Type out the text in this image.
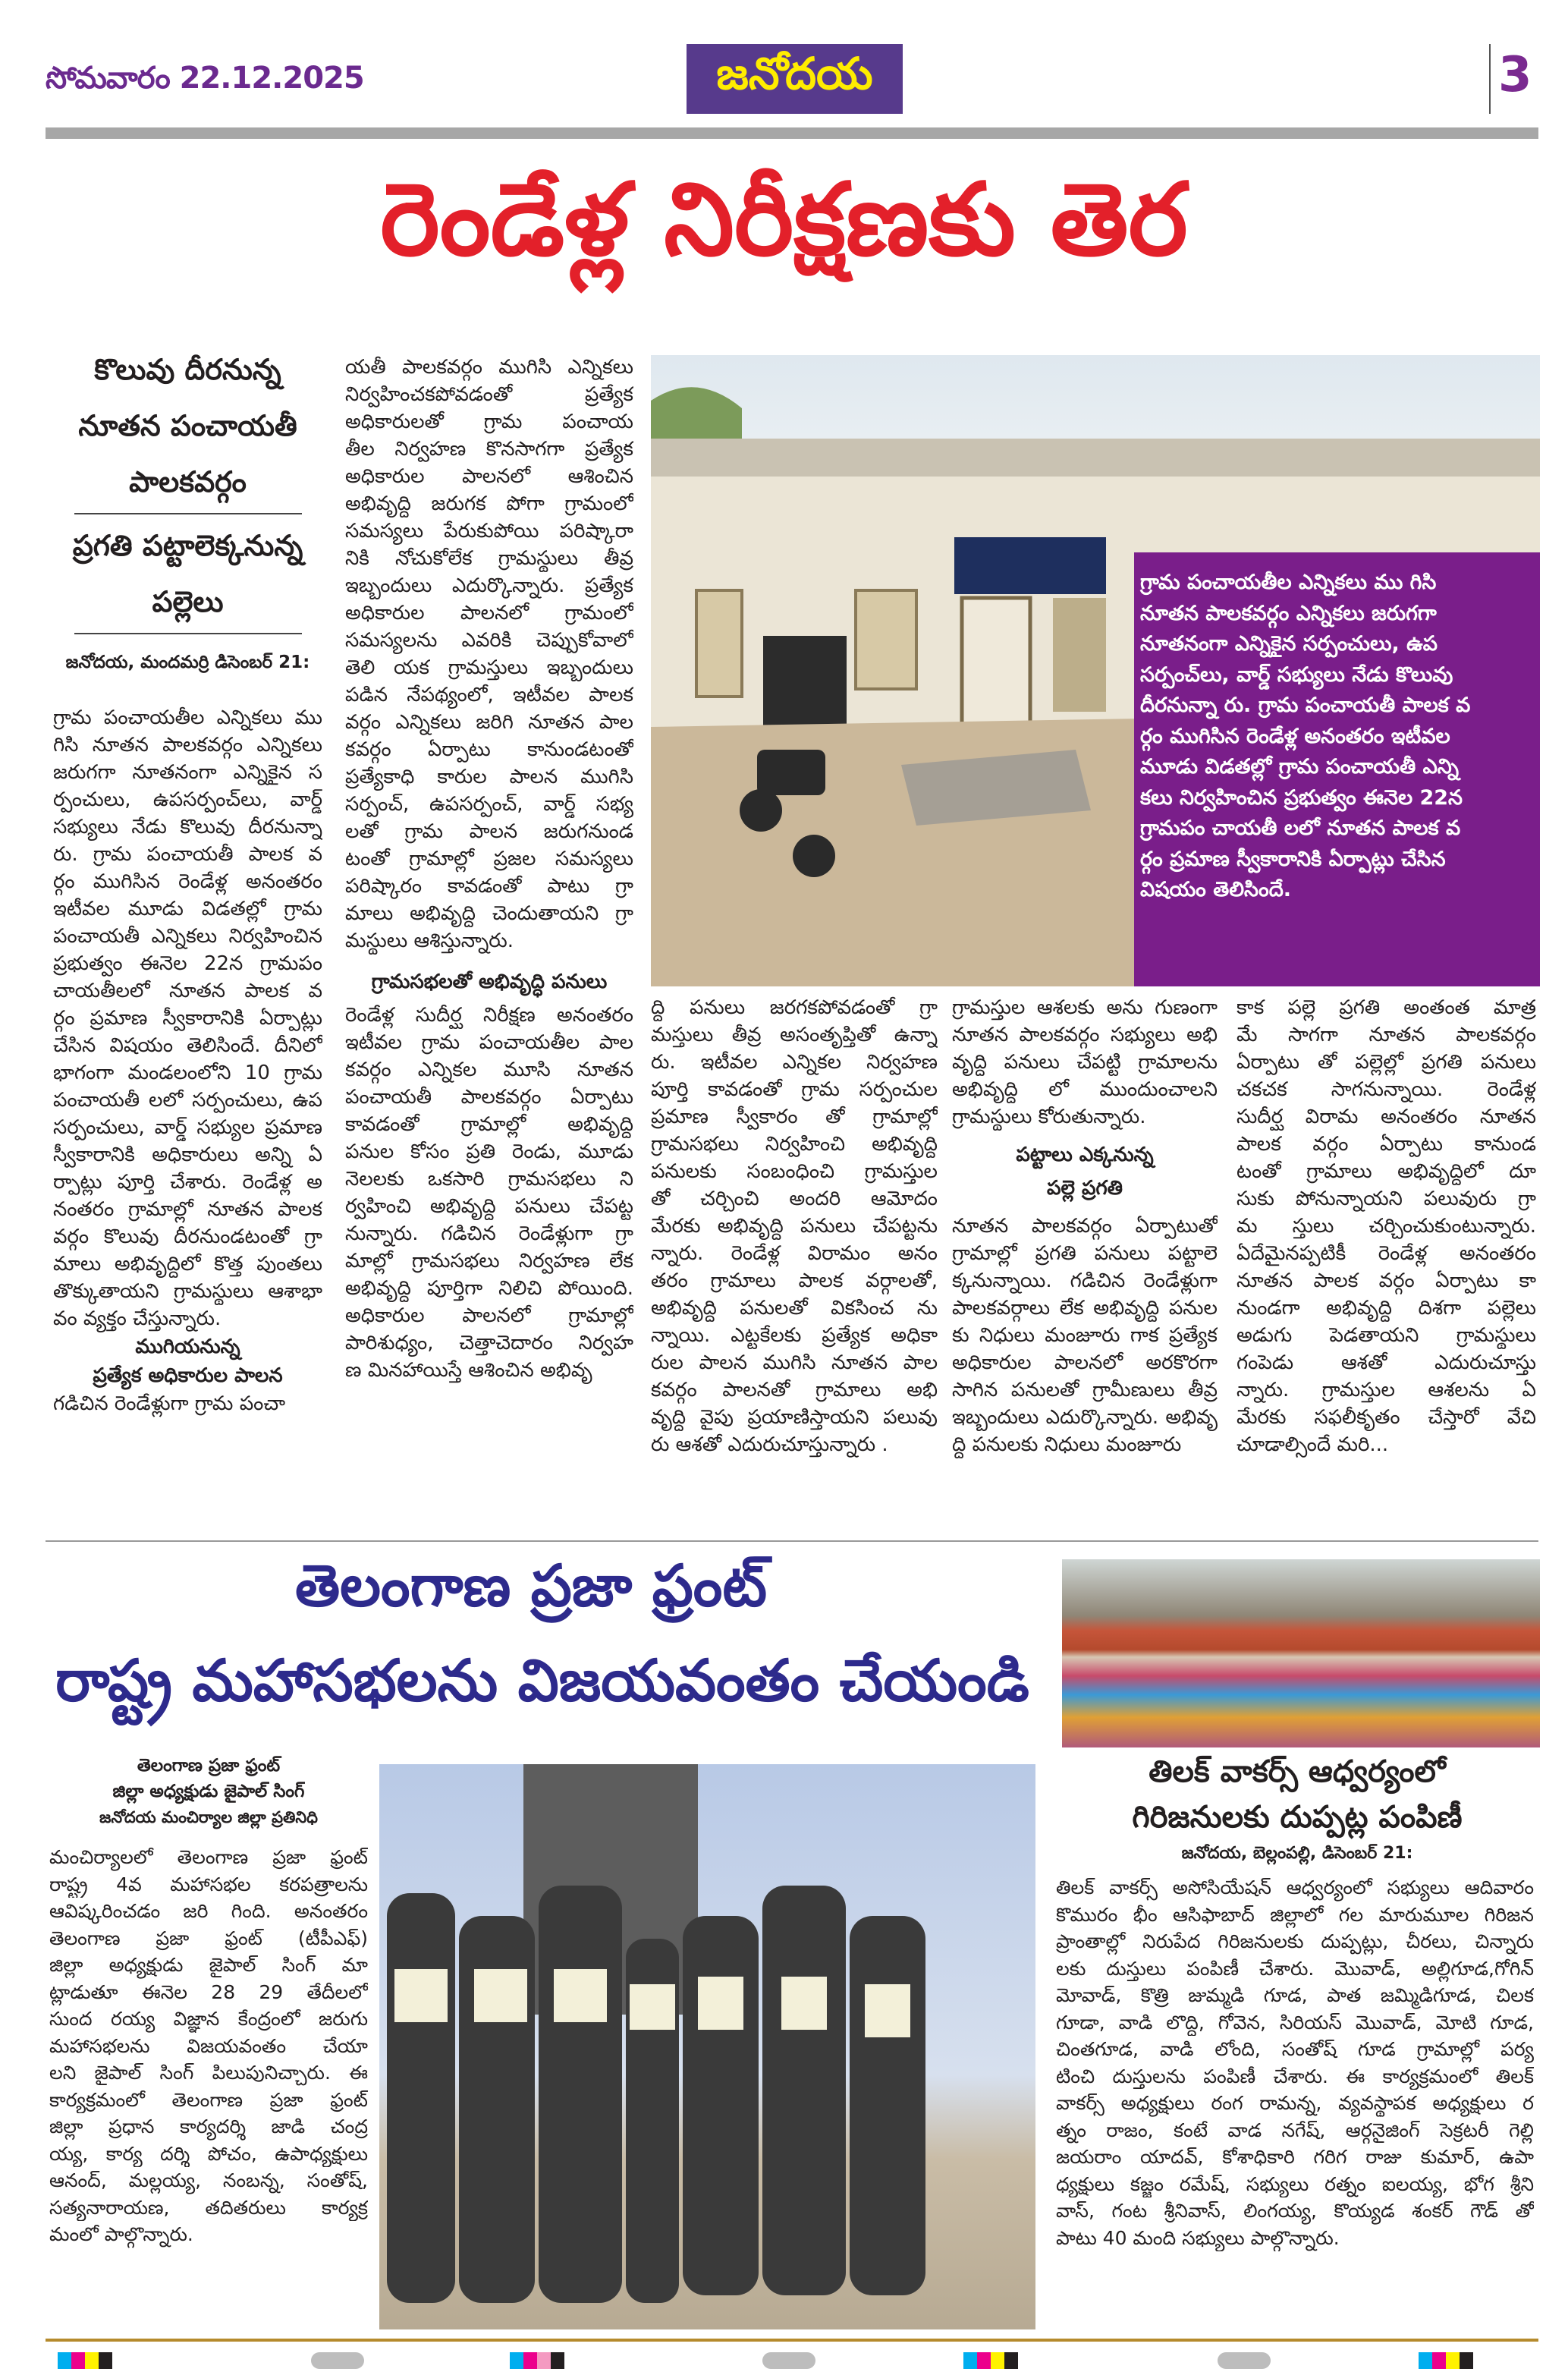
సోమవారం 22.12.2025	జనోదయ	3
రెండేళ్ల నిరీక్షణకు తెర
కొలువు దీరనున్న
నూతన పంచాయతీ
పాలకవర్గం
ప్రగతి పట్టాలెక్కనున్న
పల్లెలు
జనోదయ, మందమర్రి డిసెంబర్ 21:
గ్రామ పంచాయతీల ఎన్నికలు ము
గిసి నూతన పాలకవర్గం ఎన్నికలు
జరుగగా నూతనంగా ఎన్నికైన స
ర్పంచులు, ఉపసర్పంచ్‌లు, వార్డ్
సభ్యులు నేడు కొలువు దీరనున్నా
రు. గ్రామ పంచాయతీ పాలక వ
ర్గం ముగిసిన రెండేళ్ల అనంతరం
ఇటీవల మూడు విడతల్లో గ్రామ
పంచాయతీ ఎన్నికలు నిర్వహించిన
ప్రభుత్వం ఈనెల 22న గ్రామపం
చాయతీలలో నూతన పాలక వ
ర్గం ప్రమాణ స్వీకారానికి ఏర్పాట్లు
చేసిన విషయం తెలిసిందే. దీనిలో
భాగంగా మండలంలోని 10 గ్రామ
పంచాయతీ లలో సర్పంచులు, ఉప
సర్పంచులు, వార్డ్ సభ్యుల ప్రమాణ
స్వీకారానికి అధికారులు అన్ని ఏ
ర్పాట్లు పూర్తి చేశారు. రెండేళ్ల అ
నంతరం గ్రామాల్లో నూతన పాలక
వర్గం కొలువు దీరనుండటంతో గ్రా
మాలు అభివృద్ధిలో కొత్త పుంతలు
తొక్కుతాయని గ్రామస్థులు ఆశాభా
వం వ్యక్తం చేస్తున్నారు.
ముగియనున్న
ప్రత్యేక అధికారుల పాలన
గడిచిన రెండేళ్లుగా గ్రామ పంచా
యతీ పాలకవర్గం ముగిసి ఎన్నికలు
నిర్వహించకపోవడంతో ప్రత్యేక
అధికారులతో గ్రామ పంచాయ
తీల నిర్వహణ కొనసాగగా ప్రత్యేక
అధికారుల పాలనలో ఆశించిన
అభివృద్ధి జరుగక పోగా గ్రామంలో
సమస్యలు పేరుకుపోయి పరిష్కారా
నికి నోచుకోలేక గ్రామస్థులు తీవ్ర
ఇబ్బందులు ఎదుర్కొన్నారు. ప్రత్యేక
అధికారుల పాలనలో గ్రామంలో
సమస్యలను ఎవరికి చెప్పుకోవాలో
తెలి యక గ్రామస్తులు ఇబ్బందులు
పడిన నేపథ్యంలో, ఇటీవల పాలక
వర్గం ఎన్నికలు జరిగి నూతన పాల
కవర్గం ఏర్పాటు కానుండటంతో
ప్రత్యేకాధి కారుల పాలన ముగిసి
సర్పంచ్, ఉపసర్పంచ్, వార్డ్ సభ్య
లతో గ్రామ పాలన జరుగనుండ
టంతో గ్రామాల్లో ప్రజల సమస్యలు
పరిష్కారం కావడంతో పాటు గ్రా
మాలు అభివృద్ధి చెందుతాయని గ్రా
మస్థులు ఆశిస్తున్నారు.
గ్రామసభలతో అభివృద్ధి పనులు
రెండేళ్ల సుదీర్ఘ నిరీక్షణ అనంతరం
ఇటీవల గ్రామ పంచాయతీల పాల
కవర్గం ఎన్నికల మూసి నూతన
పంచాయతీ పాలకవర్గం ఏర్పాటు
కావడంతో గ్రామాల్లో అభివృద్ధి
పనుల కోసం ప్రతి రెండు, మూడు
నెలలకు ఒకసారి గ్రామసభలు ని
ర్వహించి అభివృద్ధి పనులు చేపట్ట
నున్నారు. గడిచిన రెండేళ్లుగా గ్రా
మాల్లో గ్రామసభలు నిర్వహణ లేక
అభివృద్ధి పూర్తిగా నిలిచి పోయింది.
అధికారుల పాలనలో గ్రామాల్లో
పారిశుధ్యం, చెత్తాచెదారం నిర్వహ
ణ మినహాయిస్తే ఆశించిన అభివృ
గ్రామ పంచాయతీల ఎన్నికలు ము గిసి
నూతన పాలకవర్గం ఎన్నికలు జరుగగా
నూతనంగా ఎన్నికైన సర్పంచులు, ఉప
సర్పంచ్‌లు, వార్డ్ సభ్యులు నేడు కొలువు
దీరనున్నా రు. గ్రామ పంచాయతీ పాలక వ
ర్గం ముగిసిన రెండేళ్ల అనంతరం ఇటీవల
మూడు విడతల్లో గ్రామ పంచాయతీ ఎన్ని
కలు నిర్వహించిన ప్రభుత్వం ఈనెల 22న
గ్రామపం చాయతీ లలో నూతన పాలక వ
ర్గం ప్రమాణ స్వీకారానికి ఏర్పాట్లు చేసిన
విషయం తెలిసిందే.
ద్ధి పనులు జరగకపోవడంతో గ్రా
మస్తులు తీవ్ర అసంతృప్తితో ఉన్నా
రు. ఇటీవల ఎన్నికల నిర్వహణ
పూర్తి కావడంతో గ్రామ సర్పంచుల
ప్రమాణ స్వీకారం తో గ్రామాల్లో
గ్రామసభలు నిర్వహించి అభివృద్ధి
పనులకు సంబంధించి గ్రామస్తుల
తో చర్చించి అందరి ఆమోదం
మేరకు అభివృద్ధి పనులు చేపట్టను
న్నారు. రెండేళ్ల విరామం అనం
తరం గ్రామాలు పాలక వర్గాలతో,
అభివృద్ధి పనులతో వికసించ ను
న్నాయి. ఎట్టకేలకు ప్రత్యేక అధికా
రుల పాలన ముగిసి నూతన పాల
కవర్గం పాలనతో గ్రామాలు అభి
వృద్ధి వైపు ప్రయాణిస్తాయని పలువు
రు ఆశతో ఎదురుచూస్తున్నారు .
గ్రామస్తుల ఆశలకు అను గుణంగా
నూతన పాలకవర్గం సభ్యులు అభి
వృద్ధి పనులు చేపట్టి గ్రామాలను
అభివృద్ధి లో ముందుంచాలని
గ్రామస్థులు కోరుతున్నారు.
పట్టాలు ఎక్కనున్న
పల్లె ప్రగతి
నూతన పాలకవర్గం ఏర్పాటుతో
గ్రామాల్లో ప్రగతి పనులు పట్టాలె
క్కనున్నాయి. గడిచిన రెండేళ్లుగా
పాలకవర్గాలు లేక అభివృద్ధి పనుల
కు నిధులు మంజూరు గాక ప్రత్యేక
అధికారుల పాలనలో అరకొరగా
సాగిన పనులతో గ్రామీణులు తీవ్ర
ఇబ్బందులు ఎదుర్కొన్నారు. అభివృ
ద్ధి పనులకు నిధులు మంజూరు
కాక పల్లె ప్రగతి అంతంత మాత్ర
మే సాగగా నూతన పాలకవర్గం
ఏర్పాటు తో పల్లెల్లో ప్రగతి పనులు
చకచక సాగనున్నాయి. రెండేళ్ల
సుదీర్ఘ విరామ అనంతరం నూతన
పాలక వర్గం ఏర్పాటు కానుండ
టంతో గ్రామాలు అభివృద్ధిలో దూ
సుకు పోనున్నాయని పలువురు గ్రా
మ స్తులు చర్చించుకుంటున్నారు.
ఏదేమైనప్పటికీ రెండేళ్ల అనంతరం
నూతన పాలక వర్గం ఏర్పాటు కా
నుండగా అభివృద్ధి దిశగా పల్లెలు
అడుగు పెడతాయని గ్రామస్థులు
గంపెడు ఆశతో ఎదురుచూస్తు
న్నారు. గ్రామస్తుల ఆశలను ఏ
మేరకు సఫలీకృతం చేస్తారో వేచి
చూడాల్సిందే మరి...
తెలంగాణ ప్రజా ఫ్రంట్
రాష్ట్ర మహాసభలను విజయవంతం చేయండి
తెలంగాణ ప్రజా ఫ్రంట్
జిల్లా అధ్యక్షుడు జైపాల్ సింగ్
జనోదయ మంచిర్యాల జిల్లా ప్రతినిధి
మంచిర్యాలలో తెలంగాణ ప్రజా ఫ్రంట్
రాష్ట్ర 4వ మహాసభల కరపత్రాలను
ఆవిష్కరించడం జరి గింది. అనంతరం
తెలంగాణ ప్రజా ఫ్రంట్ (టీపీఎఫ్)
జిల్లా అధ్యక్షుడు జైపాల్ సింగ్ మా
ట్లాడుతూ ఈనెల 28 29 తేదీలలో
సుంద రయ్య విజ్ఞాన కేంద్రంలో జరుగు
మహాసభలను విజయవంతం చేయా
లని జైపాల్ సింగ్ పిలుపునిచ్చారు. ఈ
కార్యక్రమంలో తెలంగాణ ప్రజా ఫ్రంట్
జిల్లా ప్రధాన కార్యదర్శి జాడి చంద్ర
య్య, కార్య దర్శి పోచం, ఉపాధ్యక్షులు
ఆనంద్, మల్లయ్య, నంబన్న, సంతోష్,
సత్యనారాయణ, తదితరులు కార్యక్ర
మంలో పాల్గొన్నారు.
తిలక్ వాకర్స్ ఆధ్వర్యంలో
గిరిజనులకు దుప్పట్ల పంపిణీ
జనోదయ, బెల్లంపల్లి, డిసెంబర్ 21:
తిలక్ వాకర్స్ అసోసియేషన్ ఆధ్వర్యంలో సభ్యులు ఆదివారం
కొమురం భీం ఆసిఫాబాద్ జిల్లాలో గల మారుమూల గిరిజన
ప్రాంతాల్లో నిరుపేద గిరిజనులకు దుప్పట్లు, చీరలు, చిన్నారు
లకు దుస్తులు పంపిణీ చేశారు. మొవాడ్, అల్లిగూడ,గోగిన్
మోవాడ్, కొత్రి జుమ్మడి గూడ, పాత జమ్మిడిగూడ, చిలక
గూడా, వాడి లొద్ది, గోవెన, సిరియస్ మొవాడ్, మోటి గూడ,
చింతగూడ, వాడి లోంది, సంతోష్ గూడ గ్రామాల్లో పర్య
టించి దుస్తులను పంపిణీ చేశారు. ఈ కార్యక్రమంలో తిలక్
వాకర్స్ అధ్యక్షులు రంగ రామన్న, వ్యవస్థాపక అధ్యక్షులు ర
త్నం రాజం, కంటే వాడ నగేష్, ఆర్గనైజింగ్ సెక్రటరీ గెల్లి
జయరాం యాదవ్, కోశాధికారి గరిగ రాజు కుమార్, ఉపా
ధ్యక్షులు కజ్జం రమేష్, సభ్యులు రత్నం ఐలయ్య, భోగ శ్రీని
వాస్, గంట శ్రీనివాస్, లింగయ్య, కొయ్యడ శంకర్ గౌడ్ తో
పాటు 40 మంది సభ్యులు పాల్గొన్నారు.
